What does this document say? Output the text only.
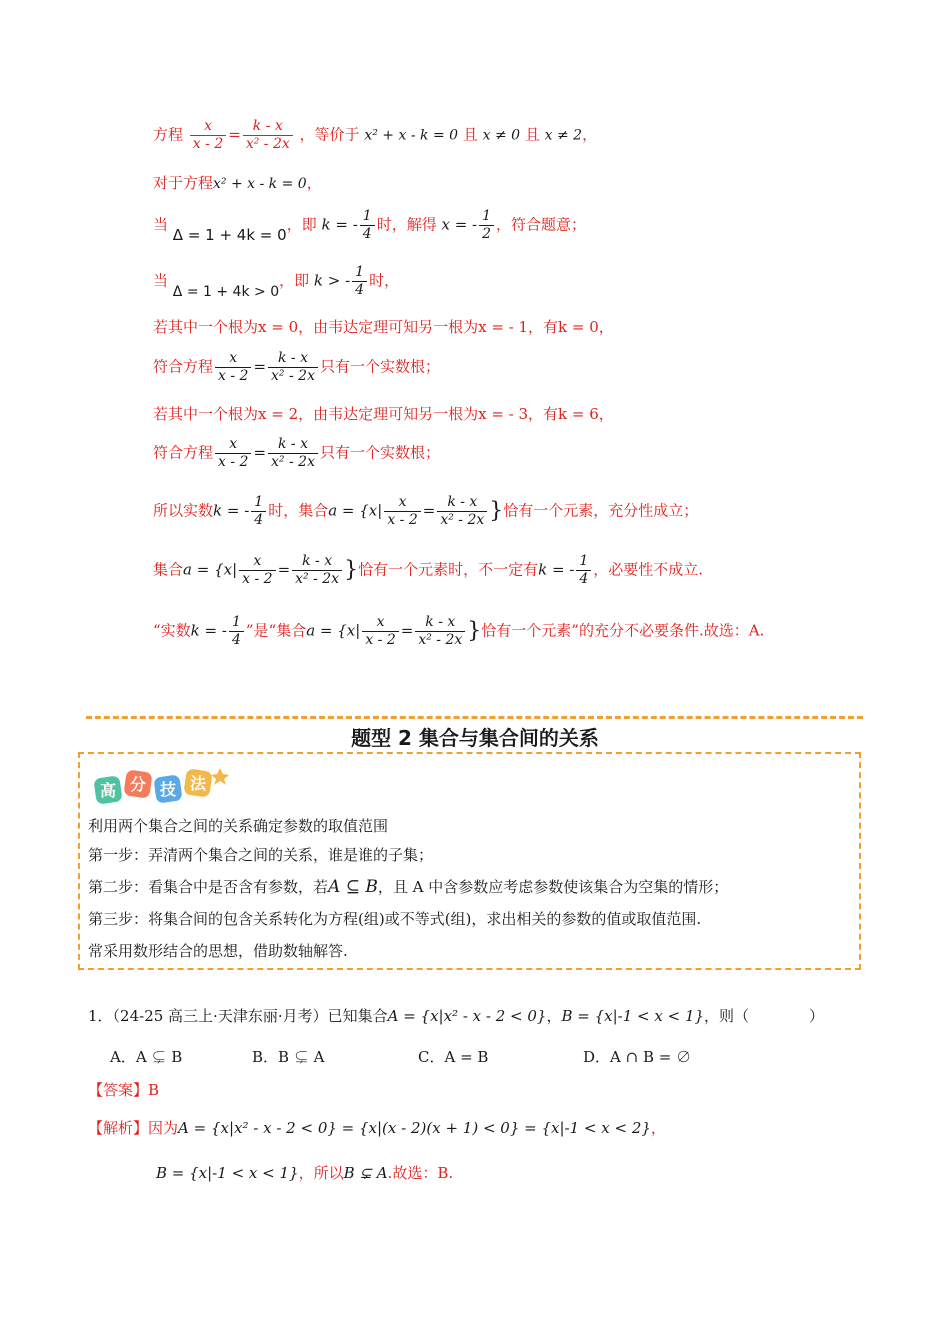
方程 $\frac{x}{x - 2} = \frac{k - x}{\text{x² - 2x}}$ ，等价于 x² + x - k = 0 且 x ≠ 0 且 x ≠ 2，
对于方程x² + x - k = 0，
当 Δ = 1 + 4k = 0，即 k = - $\frac{1}{4}$ 时，解得 x = - $\frac{1}{2}$ ，符合题意；
当 Δ = 1 + 4k > 0，即 k > - $\frac{1}{4}$ 时，
若其中一个根为x = 0，由韦达定理可知另一根为x = - 1，有k = 0，
符合方程 $\frac{x}{x - 2} = \frac{k - x}{\text{x² - 2x}}$ 只有一个实数根；
若其中一个根为x = 2，由韦达定理可知另一根为x = - 3，有k = 6，
符合方程 $\frac{x}{x - 2} = \frac{k - x}{\text{x² - 2x}}$ 只有一个实数根；
所以实数k = - $\frac{1}{4}$ 时，集合$a = \{x| \frac{x}{x - 2} = \frac{k - x}{\text{x² - 2x}}$ }恰有一个元素，充分性成立；
集合$a = \{x| \frac{x}{x - 2} = \frac{k - x}{\text{x² - 2x}}$ }恰有一个元素时，不一定有k = - $\frac{1}{4}$ ，必要性不成立.
“实数k = - $\frac{1}{4}$ ”是“集合$a = \{x| \frac{x}{x - 2} = \frac{k - x}{\text{x² - 2x}}$ }恰有一个元素”的充分不必要条件.故选：A.
题型 2 集合与集合间的关系
高 分 技 法
利用两个集合之间的关系确定参数的取值范围
第一步：弄清两个集合之间的关系，谁是谁的子集；
第二步：看集合中是否含有参数，若A ⊆ B，且 A 中含参数应考虑参数使该集合为空集的情形；
第三步：将集合间的包含关系转化为方程(组)或不等式(组)，求出相关的参数的值或取值范围.
常采用数形结合的思想，借助数轴解答.
1．（24-25 高三上·天津东丽·月考）已知集合A = {x|x² - x - 2 < 0}，B = {x|-1 < x < 1}，则（　　　　）
A．A ⊊ B	B．B ⊊ A	C．A = B	D．A ∩ B = ∅
【答案】B
【解析】因为A = {x|x² - x - 2 < 0} = {x|(x - 2)(x + 1) < 0} = {x|-1 < x < 2}，
B = {x|-1 < x < 1}，所以B ⊊ A.故选：B.
